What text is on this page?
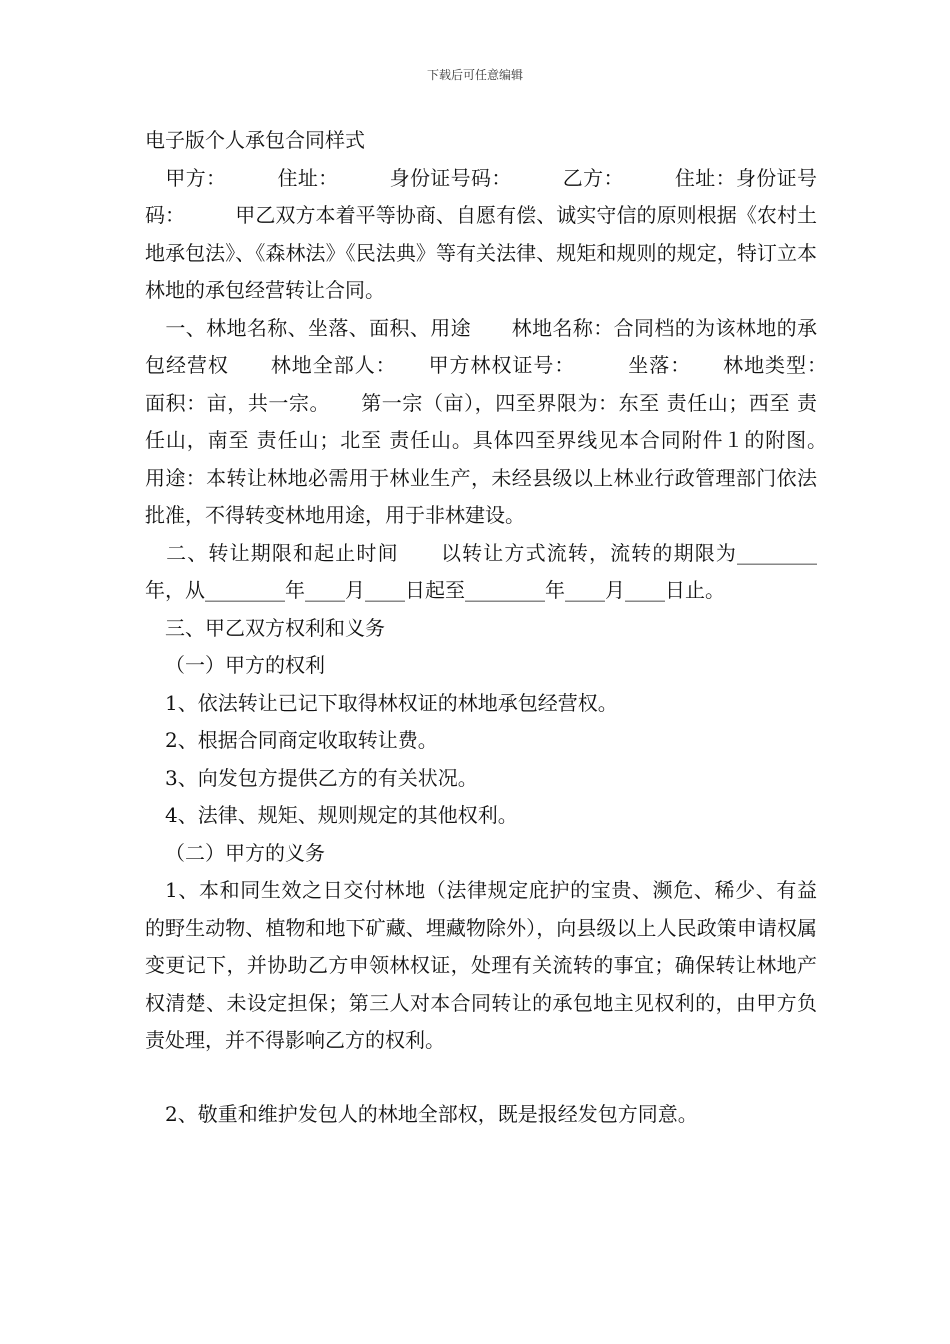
下载后可任意编辑

电子版个人承包合同样式

　甲方：　　　住址：　　　身份证号码：　　　乙方：　　　住址：身份证号码：　　　甲乙双方本着平等协商、自愿有偿、诚实守信的原则根据《农村土地承包法》、《森林法》《民法典》等有关法律、规矩和规则的规定，特订立本林地的承包经营转让合同。

　一、林地名称、坐落、面积、用途　　林地名称：合同档的为该林地的承包经营权　　林地全部人：　　甲方林权证号：　　　坐落：　　林地类型：　　面积：亩，共一宗。　　第一宗（亩），四至界限为：东至 责任山；西至 责任山，南至 责任山；北至 责任山。具体四至界线见本合同附件１的附图。　　用途：本转让林地必需用于林业生产，未经县级以上林业行政管理部门依法批准，不得转变林地用途，用于非林建设。

　二、转让期限和起止时间　　以转让方式流转，流转的期限为________年，从________年____月____日起至________年____月____日止。

　三、甲乙双方权利和义务

（一）甲方的权利

1、依法转让已记下取得林权证的林地承包经营权。

2、根据合同商定收取转让费。

3、向发包方提供乙方的有关状况。

4、法律、规矩、规则规定的其他权利。

（二）甲方的义务

1、本和同生效之日交付林地（法律规定庇护的宝贵、濒危、稀少、有益的野生动物、植物和地下矿藏、埋藏物除外），向县级以上人民政策申请权属变更记下，并协助乙方申领林权证，处理有关流转的事宜；确保转让林地产权清楚、未设定担保；第三人对本合同转让的承包地主见权利的，由甲方负责处理，并不得影响乙方的权利。

2、敬重和维护发包人的林地全部权，既是报经发包方同意。
